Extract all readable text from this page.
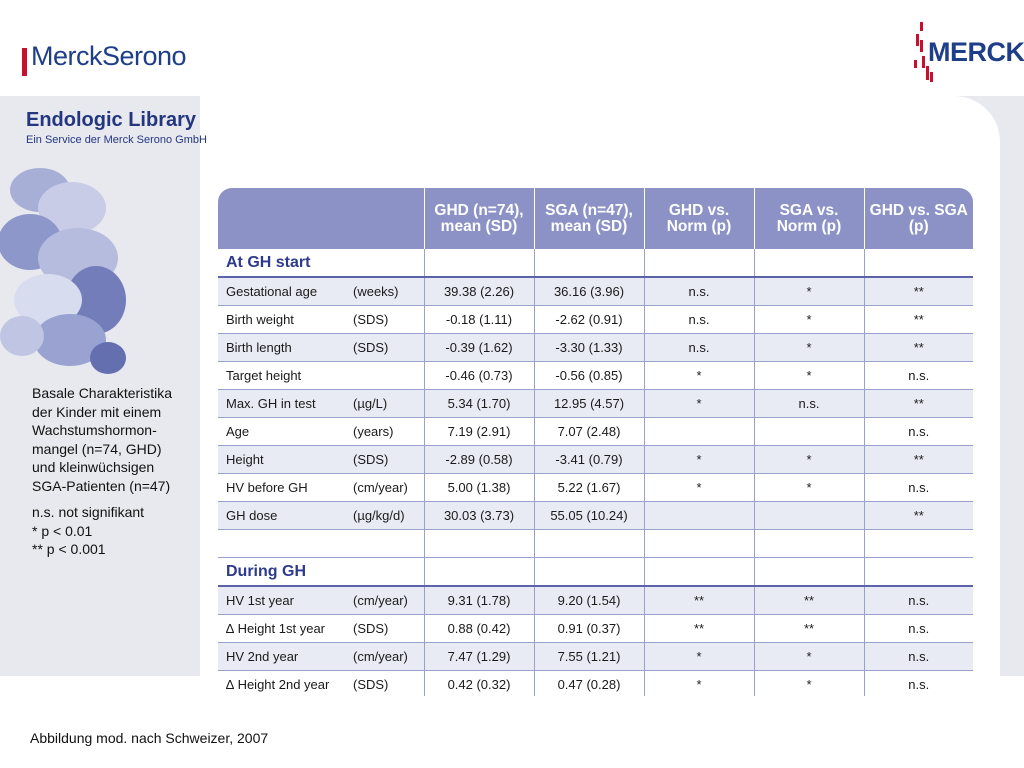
MerckSerono	MERCK
Endologic Library
Ein Service der Merck Serono GmbH
Basale Charakteristika
der Kinder mit einem
Wachstumshormon-
mangel (n=74, GHD)
und kleinwüchsigen
SGA-Patienten (n=47)
n.s. not signifikant
* p < 0.01
** p < 0.001
Abbildung mod. nach Schweizer, 2007
	GHD (n=74), mean (SD)	SGA (n=47), mean (SD)	GHD vs. Norm (p)	SGA vs. Norm (p)	GHD vs. SGA (p)
At GH start					

Gestational age (weeks)	39.38 (2.26)	36.16 (3.96)	n.s.	*	**

Birth weight (SDS)	-0.18 (1.11)	-2.62 (0.91)	n.s.	*	**

Birth length (SDS)	-0.39 (1.62)	-3.30 (1.33)	n.s.	*	**

Target height	-0.46 (0.73)	-0.56 (0.85)	*	*	n.s.

Max. GH in test (µg/L)	5.34 (1.70)	12.95 (4.57)	*	n.s.	**

Age (years)	7.19 (2.91)	7.07 (2.48)			n.s.

Height (SDS)	-2.89 (0.58)	-3.41 (0.79)	*	*	**

HV before GH (cm/year)	5.00 (1.38)	5.22 (1.67)	*	*	n.s.

GH dose (µg/kg/d)	30.03 (3.73)	55.05 (10.24)			**

During GH					

HV 1st year (cm/year)	9.31 (1.78)	9.20 (1.54)	**	**	n.s.

∆ Height 1st year (SDS)	0.88 (0.42)	0.91 (0.37)	**	**	n.s.

HV 2nd year (cm/year)	7.47 (1.29)	7.55 (1.21)	*	*	n.s.

∆ Height 2nd year (SDS)	0.42 (0.32)	0.47 (0.28)	*	*	n.s.
